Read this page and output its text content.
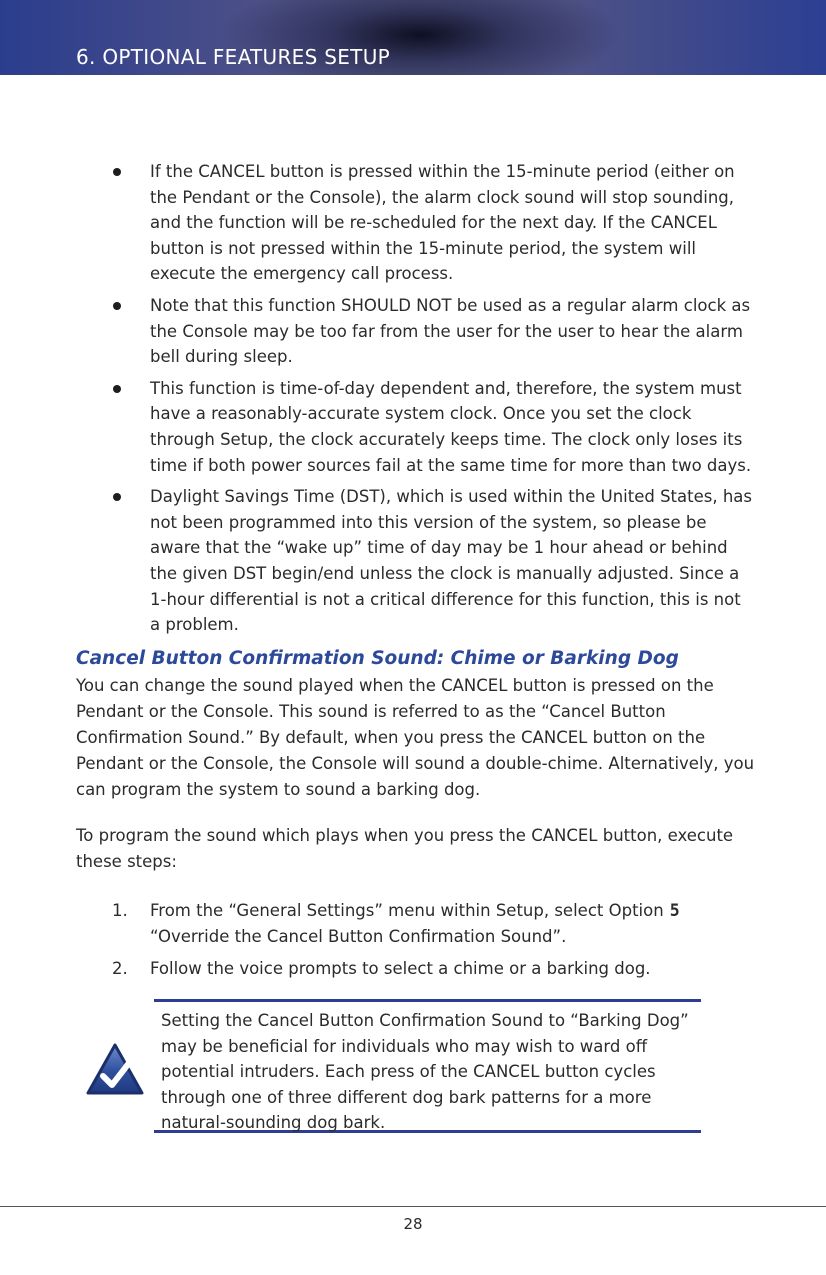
6. OPTIONAL FEATURES SETUP
If the CANCEL button is pressed within the 15-minute period (either on the Pendant or the Console), the alarm clock sound will stop sounding, and the function will be re-scheduled for the next day. If the CANCEL button is not pressed within the 15-minute period, the system will execute the emergency call process.
Note that this function SHOULD NOT be used as a regular alarm clock as the Console may be too far from the user for the user to hear the alarm bell during sleep.
This function is time-of-day dependent and, therefore, the system must have a reasonably-accurate system clock. Once you set the clock through Setup, the clock accurately keeps time. The clock only loses its time if both power sources fail at the same time for more than two days.
Daylight Savings Time (DST), which is used within the United States, has not been programmed into this version of the system, so please be aware that the “wake up” time of day may be 1 hour ahead or behind the given DST begin/end unless the clock is manually adjusted. Since a 1-hour differential is not a critical difference for this function, this is not a problem.
Cancel Button Confirmation Sound: Chime or Barking Dog

You can change the sound played when the CANCEL button is pressed on the Pendant or the Console. This sound is referred to as the “Cancel Button Confirmation Sound.” By default, when you press the CANCEL button on the Pendant or the Console, the Console will sound a double-chime. Alternatively, you can program the system to sound a barking dog.

To program the sound which plays when you press the CANCEL button, execute these steps:

1. From the “General Settings” menu within Setup, select Option 5
“Override the Cancel Button Confirmation Sound”.
2. Follow the voice prompts to select a chime or a barking dog.
Setting the Cancel Button Confirmation Sound to “Barking Dog” may be beneficial for individuals who may wish to ward off potential intruders. Each press of the CANCEL button cycles through one of three different dog bark patterns for a more natural-sounding dog bark.
28
